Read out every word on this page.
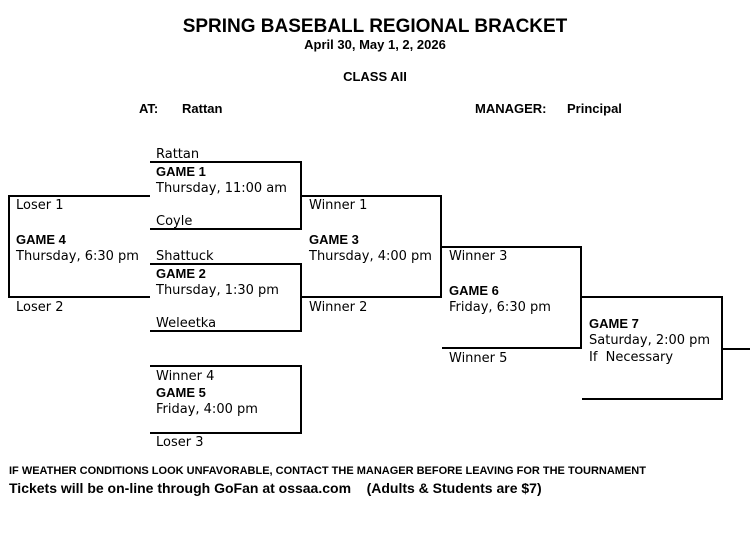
SPRING BASEBALL REGIONAL BRACKET
April 30, May 1, 2, 2026
CLASS AII
AT: Rattan	MANAGER: Principal
Rattan
GAME 1
Thursday, 11:00 am
Coyle
Shattuck
GAME 2
Thursday, 1:30 pm
Weleetka
Loser 1
GAME 4
Thursday, 6:30 pm
Loser 2
Winner 1
GAME 3
Thursday, 4:00 pm
Winner 2
Winner 4
GAME 5
Friday, 4:00 pm
Loser 3
Winner 3
GAME 6
Friday, 6:30 pm
Winner 5
GAME 7
Saturday, 2:00 pm
If  Necessary
IF WEATHER CONDITIONS LOOK UNFAVORABLE, CONTACT THE MANAGER BEFORE LEAVING FOR THE TOURNAMENT
Tickets will be on-line through GoFan at ossaa.com    (Adults & Students are $7)
